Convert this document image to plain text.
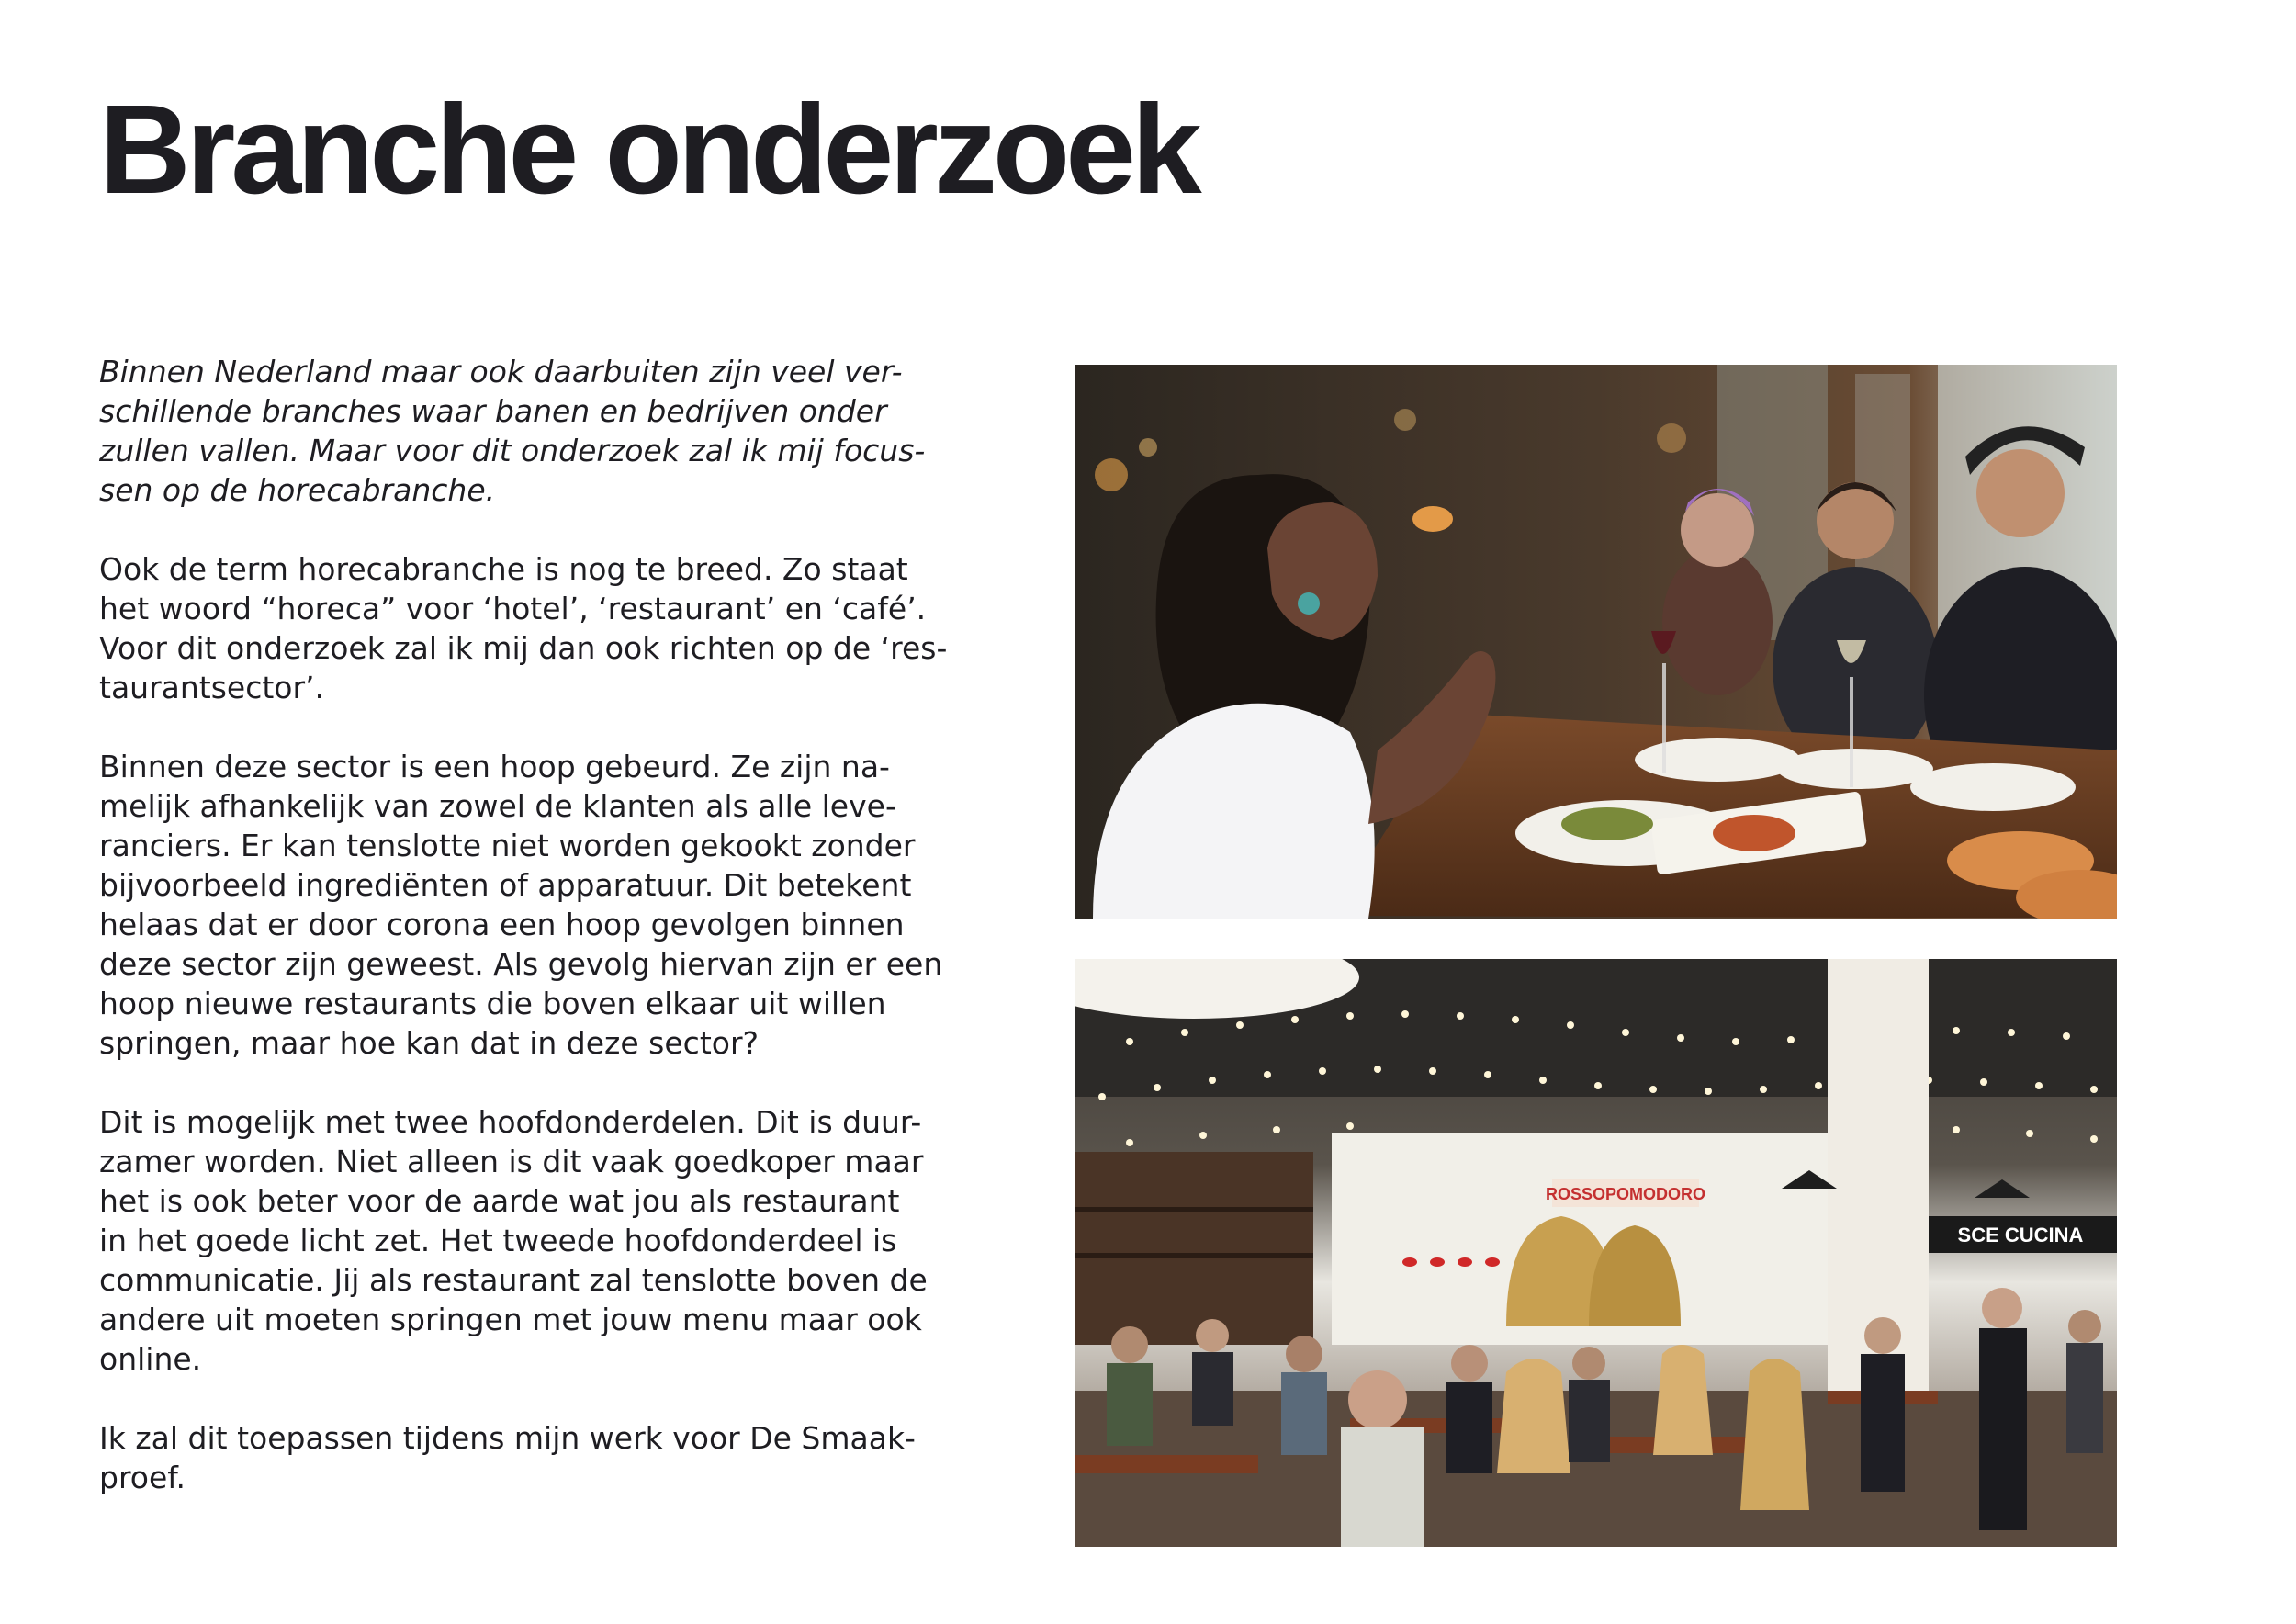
Branche onderzoek

Binnen Nederland maar ook daarbuiten zijn veel ver-
schillende branches waar banen en bedrijven onder
zullen vallen. Maar voor dit onderzoek zal ik mij focus-
sen op de horecabranche.

Ook de term horecabranche is nog te breed. Zo staat
het woord “horeca” voor ‘hotel’, ‘restaurant’ en ‘café’.
Voor dit onderzoek zal ik mij dan ook richten op de ‘res-
taurantsector’.

Binnen deze sector is een hoop gebeurd. Ze zijn na-
melijk afhankelijk van zowel de klanten als alle leve-
ranciers. Er kan tenslotte niet worden gekookt zonder
bijvoorbeeld ingrediënten of apparatuur. Dit betekent
helaas dat er door corona een hoop gevolgen binnen
deze sector zijn geweest. Als gevolg hiervan zijn er een
hoop nieuwe restaurants die boven elkaar uit willen
springen, maar hoe kan dat in deze sector?

Dit is mogelijk met twee hoofdonderdelen. Dit is duur-
zamer worden. Niet alleen is dit vaak goedkoper maar
het is ook beter voor de aarde wat jou als restaurant
in het goede licht zet. Het tweede hoofdonderdeel is
communicatie. Jij als restaurant zal tenslotte boven de
andere uit moeten springen met jouw menu maar ook
online.

Ik zal dit toepassen tijdens mijn werk voor De Smaak-
proef.

ROSSOPOMODORO
SCE CUCINA
